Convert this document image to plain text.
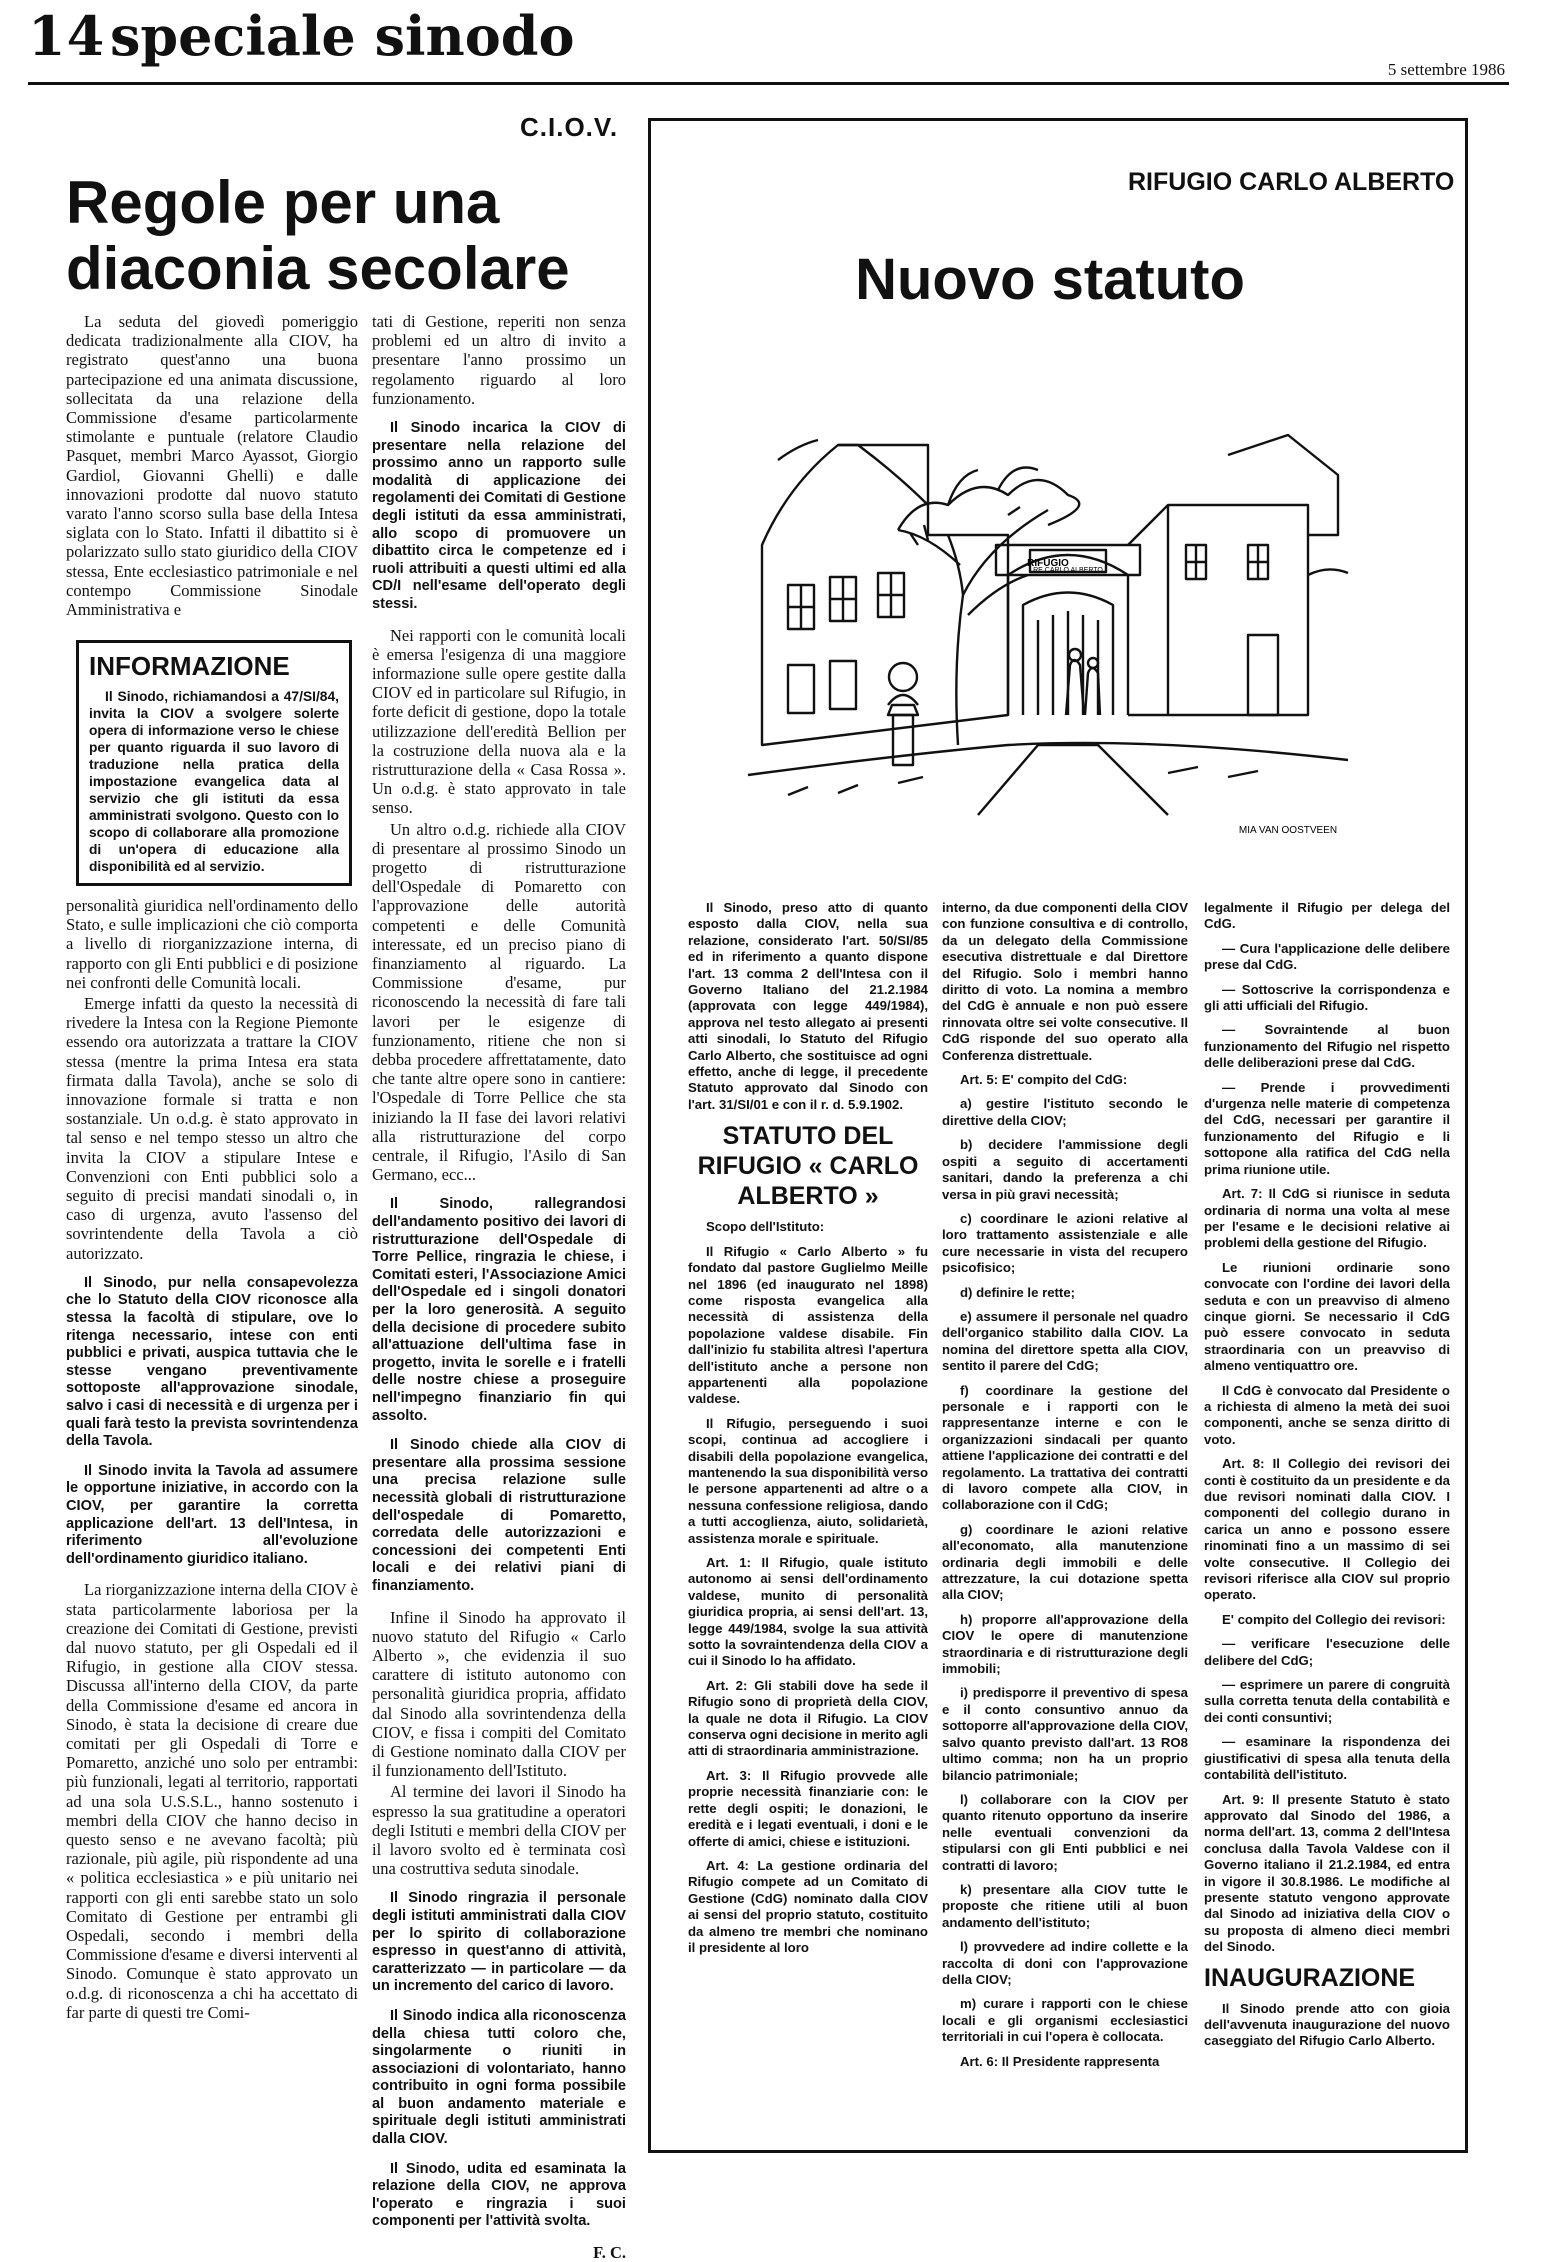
14 speciale sinodo
5 settembre 1986
C.I.O.V.
Regole per una diaconia secolare

La seduta del giovedì pomeriggio dedicata tradizionalmente alla CIOV, ha registrato quest'anno una buona partecipazione ed una animata discussione, sollecitata da una relazione della Commissione d'esame particolarmente stimolante e puntuale (relatore Claudio Pasquet, membri Marco Ayassot, Giorgio Gardiol, Giovanni Ghelli) e dalle innovazioni prodotte dal nuovo statuto varato l'anno scorso sulla base della Intesa siglata con lo Stato. Infatti il dibattito si è polarizzato sullo stato giuridico della CIOV stessa, Ente ecclesiastico patrimoniale e nel contempo Commissione Sinodale Amministrativa e

INFORMAZIONE
Il Sinodo, richiamandosi a 47/SI/84, invita la CIOV a svolgere solerte opera di informazione verso le chiese per quanto riguarda il suo lavoro di traduzione nella pratica della impostazione evangelica data al servizio che gli istituti da essa amministrati svolgono. Questo con lo scopo di collaborare alla promozione di un'opera di educazione alla disponibilità ed al servizio.

personalità giuridica nell'ordinamento dello Stato, e sulle implicazioni che ciò comporta a livello di riorganizzazione interna, di rapporto con gli Enti pubblici e di posizione nei confronti delle Comunità locali.

Emerge infatti da questo la necessità di rivedere la Intesa con la Regione Piemonte essendo ora autorizzata a trattare la CIOV stessa (mentre la prima Intesa era stata firmata dalla Tavola), anche se solo di innovazione formale si tratta e non sostanziale. Un o.d.g. è stato approvato in tal senso e nel tempo stesso un altro che invita la CIOV a stipulare Intese e Convenzioni con Enti pubblici solo a seguito di precisi mandati sinodali o, in caso di urgenza, avuto l'assenso del sovrintendente della Tavola a ciò autorizzato.

Il Sinodo, pur nella consapevolezza che lo Statuto della CIOV riconosce alla stessa la facoltà di stipulare, ove lo ritenga necessario, intese con enti pubblici e privati, auspica tuttavia che le stesse vengano preventivamente sottoposte all'approvazione sinodale, salvo i casi di necessità e di urgenza per i quali farà testo la prevista sovrintendenza della Tavola.

Il Sinodo invita la Tavola ad assumere le opportune iniziative, in accordo con la CIOV, per garantire la corretta applicazione dell'art. 13 dell'Intesa, in riferimento all'evoluzione dell'ordinamento giuridico italiano.

La riorganizzazione interna della CIOV è stata particolarmente laboriosa per la creazione dei Comitati di Gestione, previsti dal nuovo statuto, per gli Ospedali ed il Rifugio, in gestione alla CIOV stessa. Discussa all'interno della CIOV, da parte della Commissione d'esame ed ancora in Sinodo, è stata la decisione di creare due comitati per gli Ospedali di Torre e Pomaretto, anziché uno solo per entrambi: più funzionali, legati al territorio, rapportati ad una sola U.S.S.L., hanno sostenuto i membri della CIOV che hanno deciso in questo senso e ne avevano facoltà; più razionale, più agile, più rispondente ad una « politica ecclesiastica » e più unitario nei rapporti con gli enti sarebbe stato un solo Comitato di Gestione per entrambi gli Ospedali, secondo i membri della Commissione d'esame e diversi interventi al Sinodo. Comunque è stato approvato un o.d.g. di riconoscenza a chi ha accettato di far parte di questi tre Comi-

tati di Gestione, reperiti non senza problemi ed un altro di invito a presentare l'anno prossimo un regolamento riguardo al loro funzionamento.

Il Sinodo incarica la CIOV di presentare nella relazione del prossimo anno un rapporto sulle modalità di applicazione dei regolamenti dei Comitati di Gestione degli istituti da essa amministrati, allo scopo di promuovere un dibattito circa le competenze ed i ruoli attribuiti a questi ultimi ed alla CD/I nell'esame dell'operato degli stessi.

Nei rapporti con le comunità locali è emersa l'esigenza di una maggiore informazione sulle opere gestite dalla CIOV ed in particolare sul Rifugio, in forte deficit di gestione, dopo la totale utilizzazione dell'eredità Bellion per la costruzione della nuova ala e la ristrutturazione della « Casa Rossa ». Un o.d.g. è stato approvato in tale senso.

Un altro o.d.g. richiede alla CIOV di presentare al prossimo Sinodo un progetto di ristrutturazione dell'Ospedale di Pomaretto con l'approvazione delle autorità competenti e delle Comunità interessate, ed un preciso piano di finanziamento al riguardo. La Commissione d'esame, pur riconoscendo la necessità di fare tali lavori per le esigenze di funzionamento, ritiene che non si debba procedere affrettatamente, dato che tante altre opere sono in cantiere: l'Ospedale di Torre Pellice che sta iniziando la II fase dei lavori relativi alla ristrutturazione del corpo centrale, il Rifugio, l'Asilo di San Germano, ecc...

Il Sinodo, rallegrandosi dell'andamento positivo dei lavori di ristrutturazione dell'Ospedale di Torre Pellice, ringrazia le chiese, i Comitati esteri, l'Associazione Amici dell'Ospedale ed i singoli donatori per la loro generosità. A seguito della decisione di procedere subito all'attuazione dell'ultima fase in progetto, invita le sorelle e i fratelli delle nostre chiese a proseguire nell'impegno finanziario fin qui assolto.

Il Sinodo chiede alla CIOV di presentare alla prossima sessione una precisa relazione sulle necessità globali di ristrutturazione dell'ospedale di Pomaretto, corredata delle autorizzazioni e concessioni dei competenti Enti locali e dei relativi piani di finanziamento.

Infine il Sinodo ha approvato il nuovo statuto del Rifugio « Carlo Alberto », che evidenzia il suo carattere di istituto autonomo con personalità giuridica propria, affidato dal Sinodo alla sovrintendenza della CIOV, e fissa i compiti del Comitato di Gestione nominato dalla CIOV per il funzionamento dell'Istituto.

Al termine dei lavori il Sinodo ha espresso la sua gratitudine a operatori degli Istituti e membri della CIOV per il lavoro svolto ed è terminata così una costruttiva seduta sinodale.

Il Sinodo ringrazia il personale degli istituti amministrati dalla CIOV per lo spirito di collaborazione espresso in quest'anno di attività, caratterizzato — in particolare — da un incremento del carico di lavoro.

Il Sinodo indica alla riconoscenza della chiesa tutti coloro che, singolarmente o riuniti in associazioni di volontariato, hanno contribuito in ogni forma possibile al buon andamento materiale e spirituale degli istituti amministrati dalla CIOV.

Il Sinodo, udita ed esaminata la relazione della CIOV, ne approva l'operato e ringrazia i suoi componenti per l'attività svolta.

F. C.

RIFUGIO CARLO ALBERTO
Nuovo statuto
RIFUGIO
RE CARLO ALBERTO
MIA VAN OOSTVEEN

Il Sinodo, preso atto di quanto esposto dalla CIOV, nella sua relazione, considerato l'art. 50/SI/85 ed in riferimento a quanto dispone l'art. 13 comma 2 dell'Intesa con il Governo Italiano del 21.2.1984 (approvata con legge 449/1984), approva nel testo allegato ai presenti atti sinodali, lo Statuto del Rifugio Carlo Alberto, che sostituisce ad ogni effetto, anche di legge, il precedente Statuto approvato dal Sinodo con l'art. 31/SI/01 e con il r. d. 5.9.1902.

STATUTO DEL RIFUGIO « CARLO ALBERTO »

Scopo dell'Istituto:

Il Rifugio « Carlo Alberto » fu fondato dal pastore Guglielmo Meille nel 1896 (ed inaugurato nel 1898) come risposta evangelica alla necessità di assistenza della popolazione valdese disabile. Fin dall'inizio fu stabilita altresì l'apertura dell'istituto anche a persone non appartenenti alla popolazione valdese.

Il Rifugio, perseguendo i suoi scopi, continua ad accogliere i disabili della popolazione evangelica, mantenendo la sua disponibilità verso le persone appartenenti ad altre o a nessuna confessione religiosa, dando a tutti accoglienza, aiuto, solidarietà, assistenza morale e spirituale.

Art. 1: Il Rifugio, quale istituto autonomo ai sensi dell'ordinamento valdese, munito di personalità giuridica propria, ai sensi dell'art. 13, legge 449/1984, svolge la sua attività sotto la sovraintendenza della CIOV a cui il Sinodo lo ha affidato.

Art. 2: Gli stabili dove ha sede il Rifugio sono di proprietà della CIOV, la quale ne dota il Rifugio. La CIOV conserva ogni decisione in merito agli atti di straordinaria amministrazione.

Art. 3: Il Rifugio provvede alle proprie necessità finanziarie con: le rette degli ospiti; le donazioni, le eredità e i legati eventuali, i doni e le offerte di amici, chiese e istituzioni.

Art. 4: La gestione ordinaria del Rifugio compete ad un Comitato di Gestione (CdG) nominato dalla CIOV ai sensi del proprio statuto, costituito da almeno tre membri che nominano il presidente al loro

interno, da due componenti della CIOV con funzione consultiva e di controllo, da un delegato della Commissione esecutiva distrettuale e dal Direttore del Rifugio. Solo i membri hanno diritto di voto. La nomina a membro del CdG è annuale e non può essere rinnovata oltre sei volte consecutive. Il CdG risponde del suo operato alla Conferenza distrettuale.

Art. 5: E' compito del CdG:

a) gestire l'istituto secondo le direttive della CIOV;

b) decidere l'ammissione degli ospiti a seguito di accertamenti sanitari, dando la preferenza a chi versa in più gravi necessità;

c) coordinare le azioni relative al loro trattamento assistenziale e alle cure necessarie in vista del recupero psicofisico;

d) definire le rette;

e) assumere il personale nel quadro dell'organico stabilito dalla CIOV. La nomina del direttore spetta alla CIOV, sentito il parere del CdG;

f) coordinare la gestione del personale e i rapporti con le rappresentanze interne e con le organizzazioni sindacali per quanto attiene l'applicazione dei contratti e del regolamento. La trattativa dei contratti di lavoro compete alla CIOV, in collaborazione con il CdG;

g) coordinare le azioni relative all'economato, alla manutenzione ordinaria degli immobili e delle attrezzature, la cui dotazione spetta alla CIOV;

h) proporre all'approvazione della CIOV le opere di manutenzione straordinaria e di ristrutturazione degli immobili;

i) predisporre il preventivo di spesa e il conto consuntivo annuo da sottoporre all'approvazione della CIOV, salvo quanto previsto dall'art. 13 RO8 ultimo comma; non ha un proprio bilancio patrimoniale;

l) collaborare con la CIOV per quanto ritenuto opportuno da inserire nelle eventuali convenzioni da stipularsi con gli Enti pubblici e nei contratti di lavoro;

k) presentare alla CIOV tutte le proposte che ritiene utili al buon andamento dell'istituto;

l) provvedere ad indire collette e la raccolta di doni con l'approvazione della CIOV;

m) curare i rapporti con le chiese locali e gli organismi ecclesiastici territoriali in cui l'opera è collocata.

Art. 6: Il Presidente rappresenta

legalmente il Rifugio per delega del CdG.

— Cura l'applicazione delle delibere prese dal CdG.

— Sottoscrive la corrispondenza e gli atti ufficiali del Rifugio.

— Sovraintende al buon funzionamento del Rifugio nel rispetto delle deliberazioni prese dal CdG.

— Prende i provvedimenti d'urgenza nelle materie di competenza del CdG, necessari per garantire il funzionamento del Rifugio e li sottopone alla ratifica del CdG nella prima riunione utile.

Art. 7: Il CdG si riunisce in seduta ordinaria di norma una volta al mese per l'esame e le decisioni relative ai problemi della gestione del Rifugio.

Le riunioni ordinarie sono convocate con l'ordine dei lavori della seduta e con un preavviso di almeno cinque giorni. Se necessario il CdG può essere convocato in seduta straordinaria con un preavviso di almeno ventiquattro ore.

Il CdG è convocato dal Presidente o a richiesta di almeno la metà dei suoi componenti, anche se senza diritto di voto.

Art. 8: Il Collegio dei revisori dei conti è costituito da un presidente e da due revisori nominati dalla CIOV. I componenti del collegio durano in carica un anno e possono essere rinominati fino a un massimo di sei volte consecutive. Il Collegio dei revisori riferisce alla CIOV sul proprio operato.

E' compito del Collegio dei revisori:

— verificare l'esecuzione delle delibere del CdG;

— esprimere un parere di congruità sulla corretta tenuta della contabilità e dei conti consuntivi;

— esaminare la rispondenza dei giustificativi di spesa alla tenuta della contabilità dell'istituto.

Art. 9: Il presente Statuto è stato approvato dal Sinodo del 1986, a norma dell'art. 13, comma 2 dell'Intesa conclusa dalla Tavola Valdese con il Governo italiano il 21.2.1984, ed entra in vigore il 30.8.1986. Le modifiche al presente statuto vengono approvate dal Sinodo ad iniziativa della CIOV o su proposta di almeno dieci membri del Sinodo.

INAUGURAZIONE

Il Sinodo prende atto con gioia dell'avvenuta inaugurazione del nuovo caseggiato del Rifugio Carlo Alberto.
